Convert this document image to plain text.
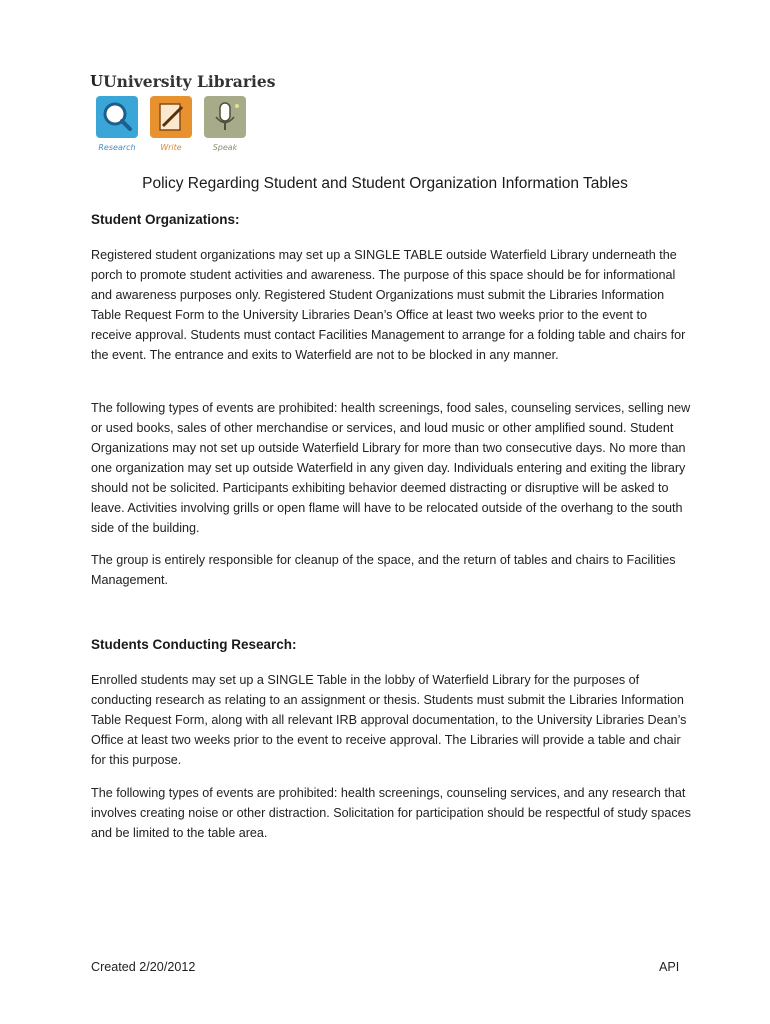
U University Libraries
Research	Write	Speak
Policy Regarding Student and Student Organization Information Tables
Student Organizations:

Registered student organizations may set up a SINGLE TABLE outside Waterfield Library underneath the porch to promote student activities and awareness. The purpose of this space should be for informational and awareness purposes only. Registered Student Organizations must submit the Libraries Information Table Request Form to the University Libraries Dean’s Office at least two weeks prior to the event to receive approval. Students must contact Facilities Management to arrange for a folding table and chairs for the event. The entrance and exits to Waterfield are not to be blocked in any manner.

The following types of events are prohibited: health screenings, food sales, counseling services, selling new or used books, sales of other merchandise or services, and loud music or other amplified sound. Student Organizations may not set up outside Waterfield Library for more than two consecutive days. No more than one organization may set up outside Waterfield in any given day. Individuals entering and exiting the library should not be solicited. Participants exhibiting behavior deemed distracting or disruptive will be asked to leave. Activities involving grills or open flame will have to be relocated outside of the overhang to the south side of the building.

The group is entirely responsible for cleanup of the space, and the return of tables and chairs to Facilities Management.

Students Conducting Research:

Enrolled students may set up a SINGLE Table in the lobby of Waterfield Library for the purposes of conducting research as relating to an assignment or thesis. Students must submit the Libraries Information Table Request Form, along with all relevant IRB approval documentation, to the University Libraries Dean’s Office at least two weeks prior to the event to receive approval. The Libraries will provide a table and chair for this purpose.

The following types of events are prohibited: health screenings, counseling services, and any research that involves creating noise or other distraction. Solicitation for participation should be respectful of study spaces and be limited to the table area.

Created 2/20/2012	API
